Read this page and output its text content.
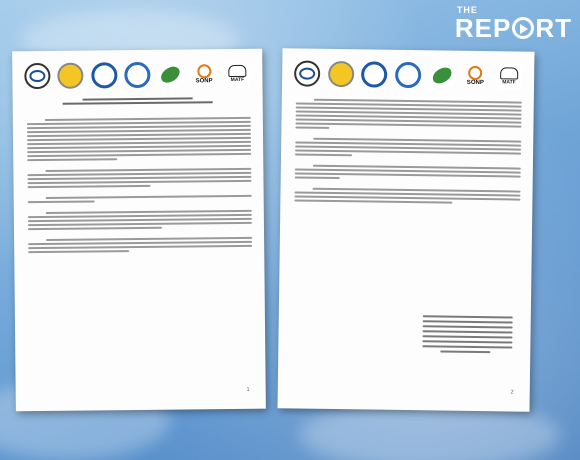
THE
REP RT
SONP	MATF
1
SONP	MATF
2
